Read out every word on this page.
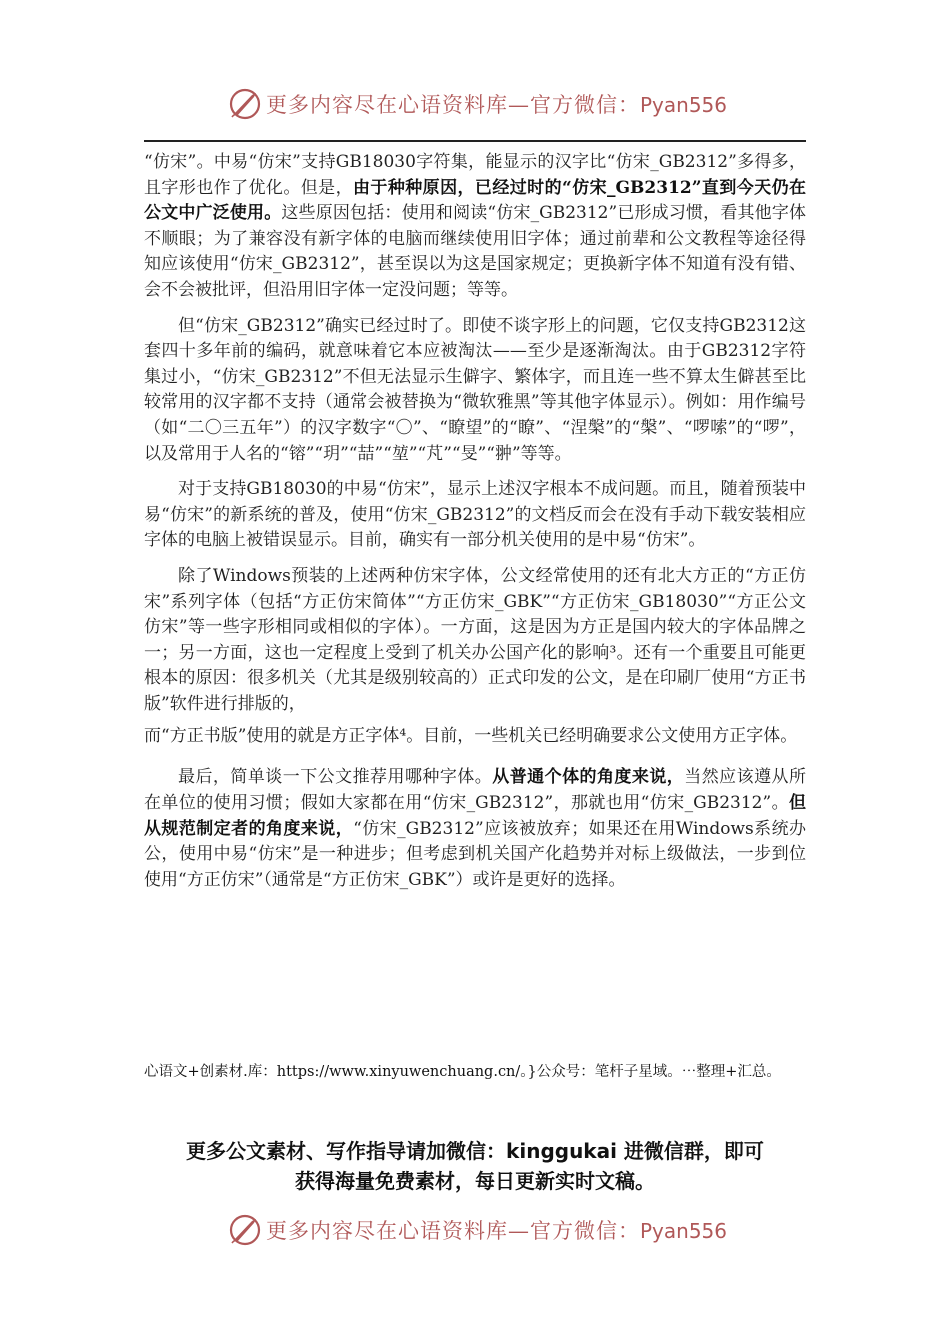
更多内容尽在心语资料库—官方微信：Pyan556

“仿宋”。中易“仿宋”支持GB18030字符集，能显示的汉字比“仿宋_GB2312”多得多，且字形也作了优化。但是，由于种种原因，已经过时的“仿宋_GB2312”直到今天仍在公文中广泛使用。这些原因包括：使用和阅读“仿宋_GB2312”已形成习惯，看其他字体不顺眼；为了兼容没有新字体的电脑而继续使用旧字体；通过前辈和公文教程等途径得知应该使用“仿宋_GB2312”，甚至误以为这是国家规定；更换新字体不知道有没有错、会不会被批评，但沿用旧字体一定没问题；等等。

但“仿宋_GB2312”确实已经过时了。即使不谈字形上的问题，它仅支持GB2312这套四十多年前的编码，就意味着它本应被淘汰——至少是逐渐淘汰。由于GB2312字符集过小，“仿宋_GB2312”不但无法显示生僻字、繁体字，而且连一些不算太生僻甚至比较常用的汉字都不支持（通常会被替换为“微软雅黑”等其他字体显示）。例如：用作编号（如“二〇三五年”）的汉字数字“〇”、“瞭望”的“瞭”、“涅槃”的“槃”、“啰嗦”的“啰”，以及常用于人名的“镕”“玥”“喆”“堃”“芃”“旻”“翀”等等。

对于支持GB18030的中易“仿宋”，显示上述汉字根本不成问题。而且，随着预装中易“仿宋”的新系统的普及，使用“仿宋_GB2312”的文档反而会在没有手动下载安装相应字体的电脑上被错误显示。目前，确实有一部分机关使用的是中易“仿宋”。

除了Windows预装的上述两种仿宋字体，公文经常使用的还有北大方正的“方正仿宋”系列字体（包括“方正仿宋简体”“方正仿宋_GBK”“方正仿宋_GB18030”“方正公文仿宋”等一些字形相同或相似的字体）。一方面，这是因为方正是国内较大的字体品牌之一；另一方面，这也一定程度上受到了机关办公国产化的影响³。还有一个重要且可能更根本的原因：很多机关（尤其是级别较高的）正式印发的公文，是在印刷厂使用“方正书版”软件进行排版的，

而“方正书版”使用的就是方正字体⁴。目前，一些机关已经明确要求公文使用方正字体。

最后，简单谈一下公文推荐用哪种字体。从普通个体的角度来说，当然应该遵从所在单位的使用习惯；假如大家都在用“仿宋_GB2312”，那就也用“仿宋_GB2312”。但从规范制定者的角度来说，“仿宋_GB2312”应该被放弃；如果还在用Windows系统办公，使用中易“仿宋”是一种进步；但考虑到机关国产化趋势并对标上级做法，一步到位使用“方正仿宋”（通常是“方正仿宋_GBK”）或许是更好的选择。

心语文+创素材.库：https://www.xinyuwenchuang.cn/。}公众号：笔杆子星域。⋯整理+汇总。
更多公文素材、写作指导请加微信：kinggukai 进微信群，即可
获得海量免费素材，每日更新实时文稿。
更多内容尽在心语资料库—官方微信：Pyan556
